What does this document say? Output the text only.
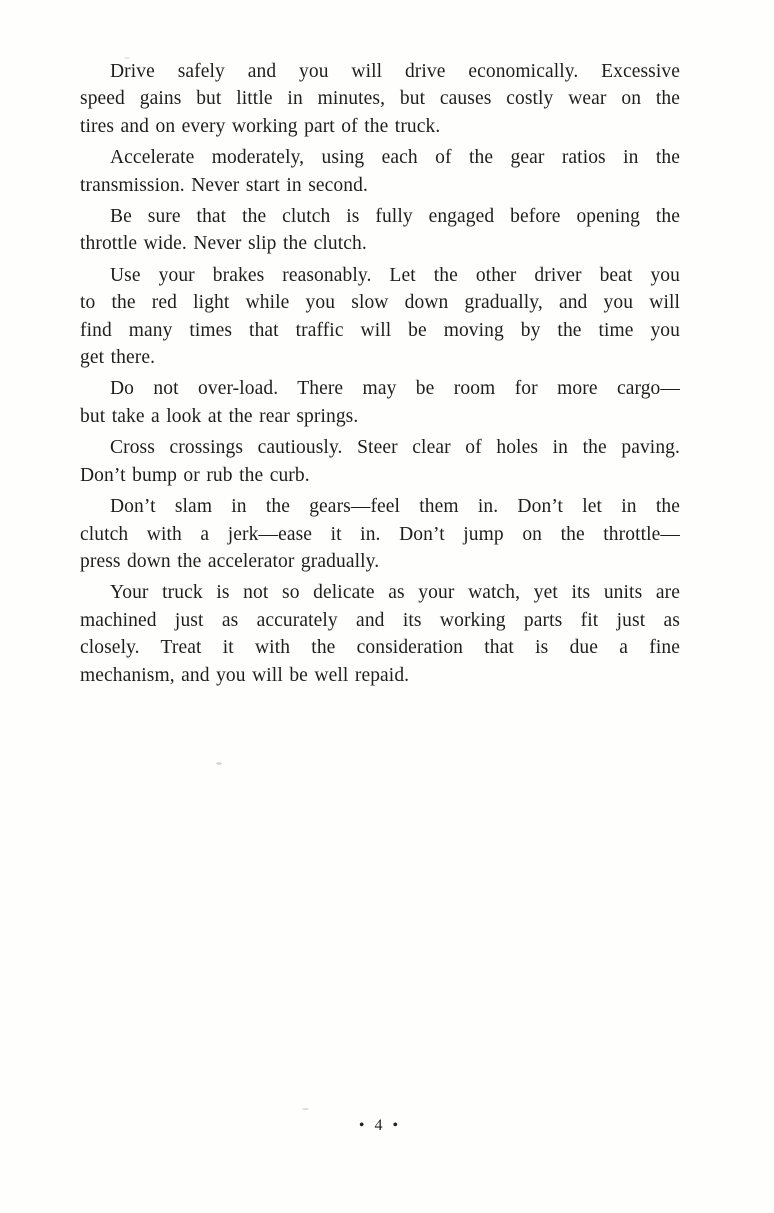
Drive safely and you will drive economically. Excessive
speed gains but little in minutes, but causes costly wear on the
tires and on every working part of the truck.
Accelerate moderately, using each of the gear ratios in the
transmission. Never start in second.
Be sure that the clutch is fully engaged before opening the
throttle wide. Never slip the clutch.
Use your brakes reasonably. Let the other driver beat you
to the red light while you slow down gradually, and you will
find many times that traffic will be moving by the time you
get there.
Do not over-load. There may be room for more cargo—
but take a look at the rear springs.
Cross crossings cautiously. Steer clear of holes in the paving.
Don’t bump or rub the curb.
Don’t slam in the gears—feel them in. Don’t let in the
clutch with a jerk—ease it in. Don’t jump on the throttle—
press down the accelerator gradually.
Your truck is not so delicate as your watch, yet its units are
machined just as accurately and its working parts fit just as
closely. Treat it with the consideration that is due a fine
mechanism, and you will be well repaid.
• 4 •
